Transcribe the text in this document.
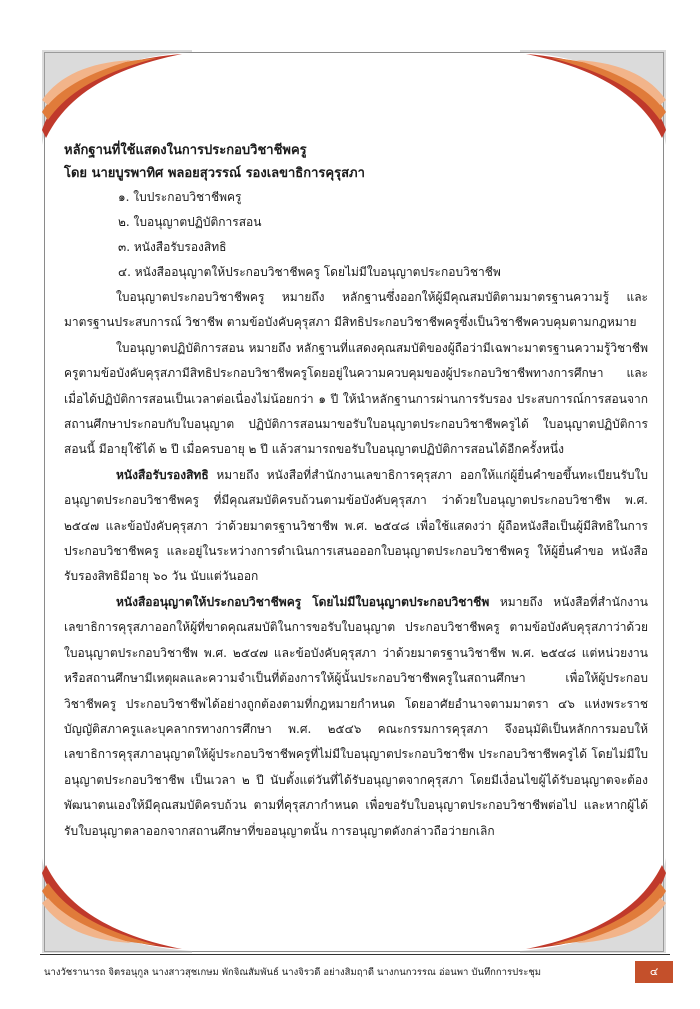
หลักฐานที่ใช้แสดงในการประกอบวิชาชีพครู
โดย นายบูรพาทิศ พลอยสุวรรณ์ รองเลขาธิการคุรุสภา
๑. ใบประกอบวิชาชีพครู
๒. ใบอนุญาตปฏิบัติการสอน
๓. หนังสือรับรองสิทธิ
๔. หนังสืออนุญาตให้ประกอบวิชาชีพครู โดยไม่มีใบอนุญาตประกอบวิชาชีพ
ใบอนุญาตประกอบวิชาชีพครู หมายถึง หลักฐานซึ่งออกให้ผู้มีคุณสมบัติตามมาตรฐานความรู้ และมาตรฐานประสบการณ์ วิชาชีพ ตามข้อบังคับคุรุสภา มีสิทธิประกอบวิชาชีพครูซึ่งเป็นวิชาชีพควบคุมตามกฎหมาย
ใบอนุญาตปฏิบัติการสอน หมายถึง หลักฐานที่แสดงคุณสมบัติของผู้ถือว่ามีเฉพาะมาตรฐานความรู้วิชาชีพครูตามข้อบังคับคุรุสภามีสิทธิประกอบวิชาชีพครูโดยอยู่ในความควบคุมของผู้ประกอบวิชาชีพทางการศึกษา และเมื่อได้ปฏิบัติการสอนเป็นเวลาต่อเนื่องไม่น้อยกว่า ๑ ปี ให้นำหลักฐานการผ่านการรับรอง ประสบการณ์การสอนจากสถานศึกษาประกอบกับใบอนุญาต ปฏิบัติการสอนมาขอรับใบอนุญาตประกอบวิชาชีพครูได้ ใบอนุญาตปฏิบัติการสอนนี้ มีอายุใช้ได้ ๒ ปี เมื่อครบอายุ ๒ ปี แล้วสามารถขอรับใบอนุญาตปฏิบัติการสอนได้อีกครั้งหนึ่ง
หนังสือรับรองสิทธิ หมายถึง หนังสือที่สำนักงานเลขาธิการคุรุสภา ออกให้แก่ผู้ยื่นคำขอขึ้นทะเบียนรับใบอนุญาตประกอบวิชาชีพครู ที่มีคุณสมบัติครบถ้วนตามข้อบังคับคุรุสภา ว่าด้วยใบอนุญาตประกอบวิชาชีพ พ.ศ. ๒๕๔๗ และข้อบังคับคุรุสภา ว่าด้วยมาตรฐานวิชาชีพ พ.ศ. ๒๕๔๘ เพื่อใช้แสดงว่า ผู้ถือหนังสือเป็นผู้มีสิทธิในการประกอบวิชาชีพครู และอยู่ในระหว่างการดำเนินการเสนอออกใบอนุญาตประกอบวิชาชีพครู ให้ผู้ยื่นคำขอ หนังสือรับรองสิทธิมีอายุ ๖๐ วัน นับแต่วันออก
หนังสืออนุญาตให้ประกอบวิชาชีพครู โดยไม่มีใบอนุญาตประกอบวิชาชีพ หมายถึง หนังสือที่สำนักงานเลขาธิการคุรุสภาออกให้ผู้ที่ขาดคุณสมบัติในการขอรับใบอนุญาต ประกอบวิชาชีพครู ตามข้อบังคับคุรุสภาว่าด้วยใบอนุญาตประกอบวิชาชีพ พ.ศ. ๒๕๔๗ และข้อบังคับคุรุสภา ว่าด้วยมาตรฐานวิชาชีพ พ.ศ. ๒๕๔๘ แต่หน่วยงานหรือสถานศึกษามีเหตุผลและความจำเป็นที่ต้องการให้ผู้นั้นประกอบวิชาชีพครูในสถานศึกษา เพื่อให้ผู้ประกอบวิชาชีพครู ประกอบวิชาชีพได้อย่างถูกต้องตามที่กฎหมายกำหนด โดยอาศัยอำนาจตามมาตรา ๔๖ แห่งพระราชบัญญัติสภาครูและบุคลากรทางการศึกษา พ.ศ. ๒๕๔๖ คณะกรรมการคุรุสภา จึงอนุมัติเป็นหลักการมอบให้เลขาธิการคุรุสภาอนุญาตให้ผู้ประกอบวิชาชีพครูที่ไม่มีใบอนุญาตประกอบวิชาชีพ ประกอบวิชาชีพครูได้ โดยไม่มีใบอนุญาตประกอบวิชาชีพ เป็นเวลา ๒ ปี นับตั้งแต่วันที่ได้รับอนุญาตจากคุรุสภา โดยมีเงื่อนไขผู้ได้รับอนุญาตจะต้องพัฒนาตนเองให้มีคุณสมบัติครบถ้วน ตามที่คุรุสภากำหนด เพื่อขอรับใบอนุญาตประกอบวิชาชีพต่อไป และหากผู้ได้รับใบอนุญาตลาออกจากสถานศึกษาที่ขออนุญาตนั้น การอนุญาตดังกล่าวถือว่ายกเลิก
นางวัชรานารถ จิตรอนุกูล นางสาวสุชเกษม พักจิณสัมพันธ์ นางจิรวดี อย่างสิมฤาดี นางกนกวรรณ อ่อนพา บันทึกการประชุม	๔
